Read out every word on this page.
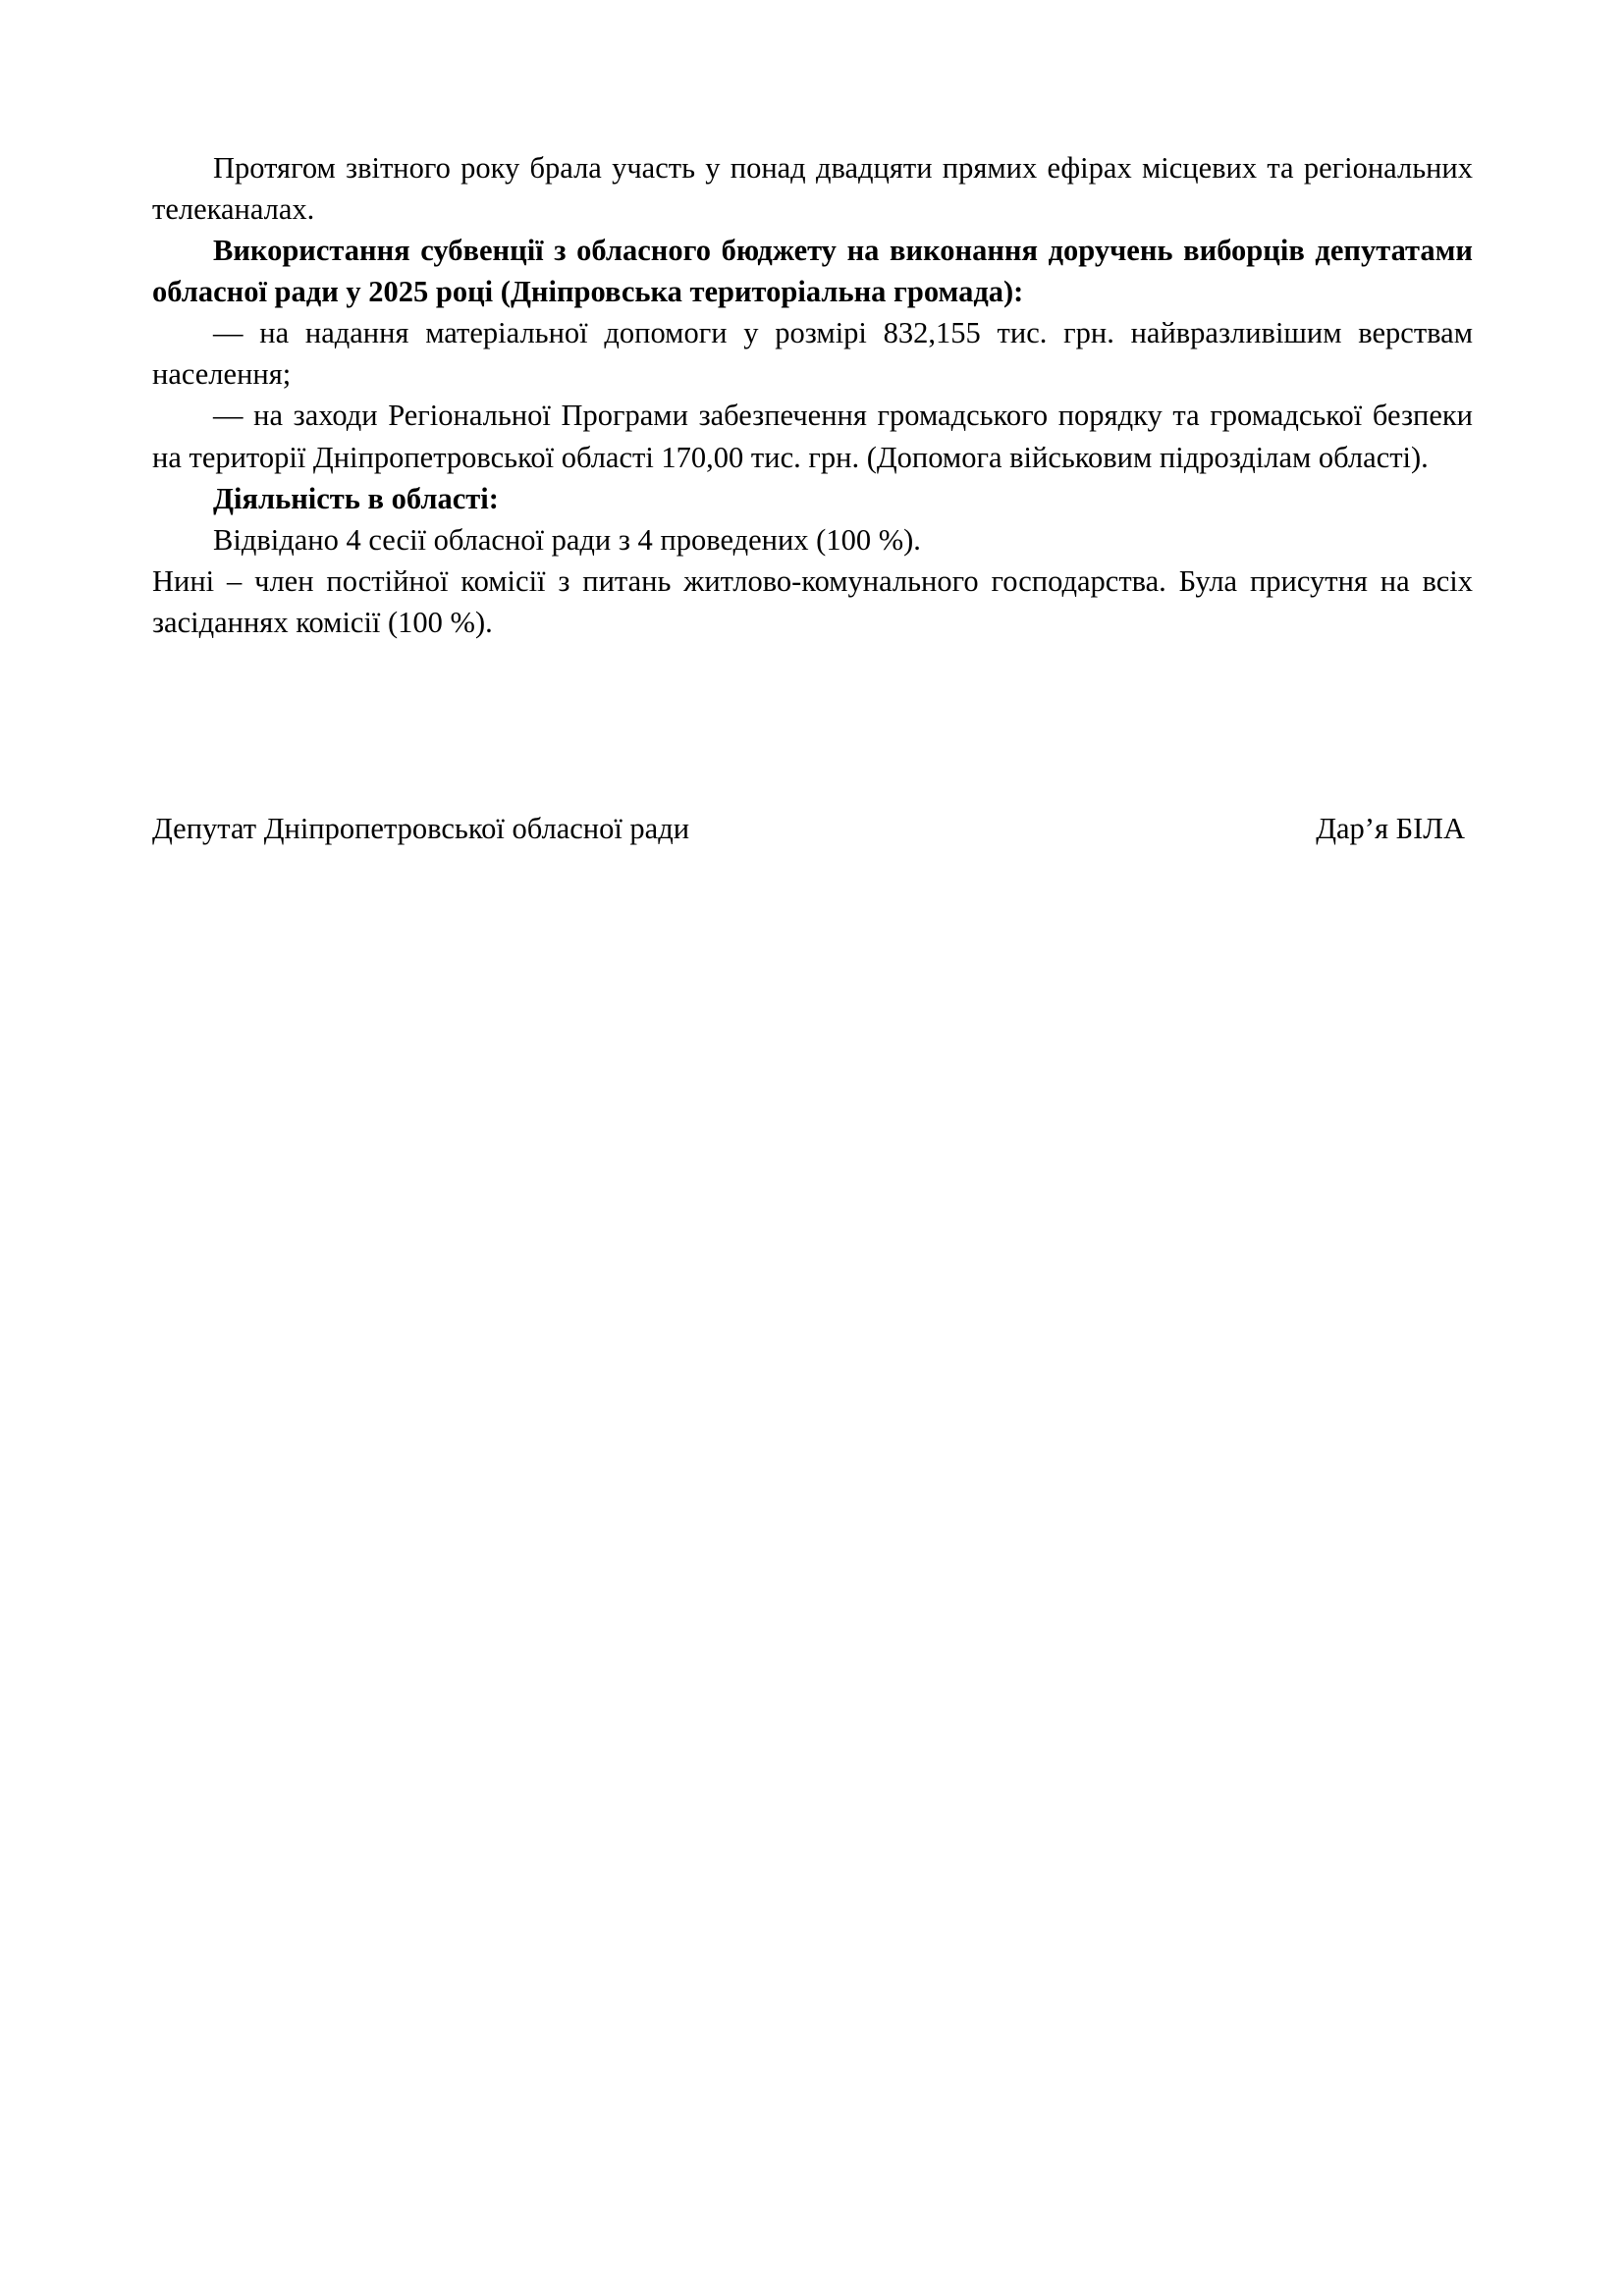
Протягом звітного року брала участь у понад двадцяти прямих ефірах місцевих та регіональних телеканалах.

Використання субвенції з обласного бюджету на виконання доручень виборців депутатами обласної ради у 2025 році (Дніпровська територіальна громада):

— на надання матеріальної допомоги у розмірі 832,155 тис. грн. найвразливішим верствам населення;

— на заходи Регіональної Програми забезпечення громадського порядку та громадської безпеки на території Дніпропетровської області 170,00 тис. грн. (Допомога військовим підрозділам області).

Діяльність в області:

Відвідано 4 сесії обласної ради з 4 проведених (100 %).

Нині – член постійної комісії з питань житлово-комунального господарства. Була присутня на всіх засіданнях комісії (100 %).

Депутат Дніпропетровської обласної ради	Дар’я БІЛА
